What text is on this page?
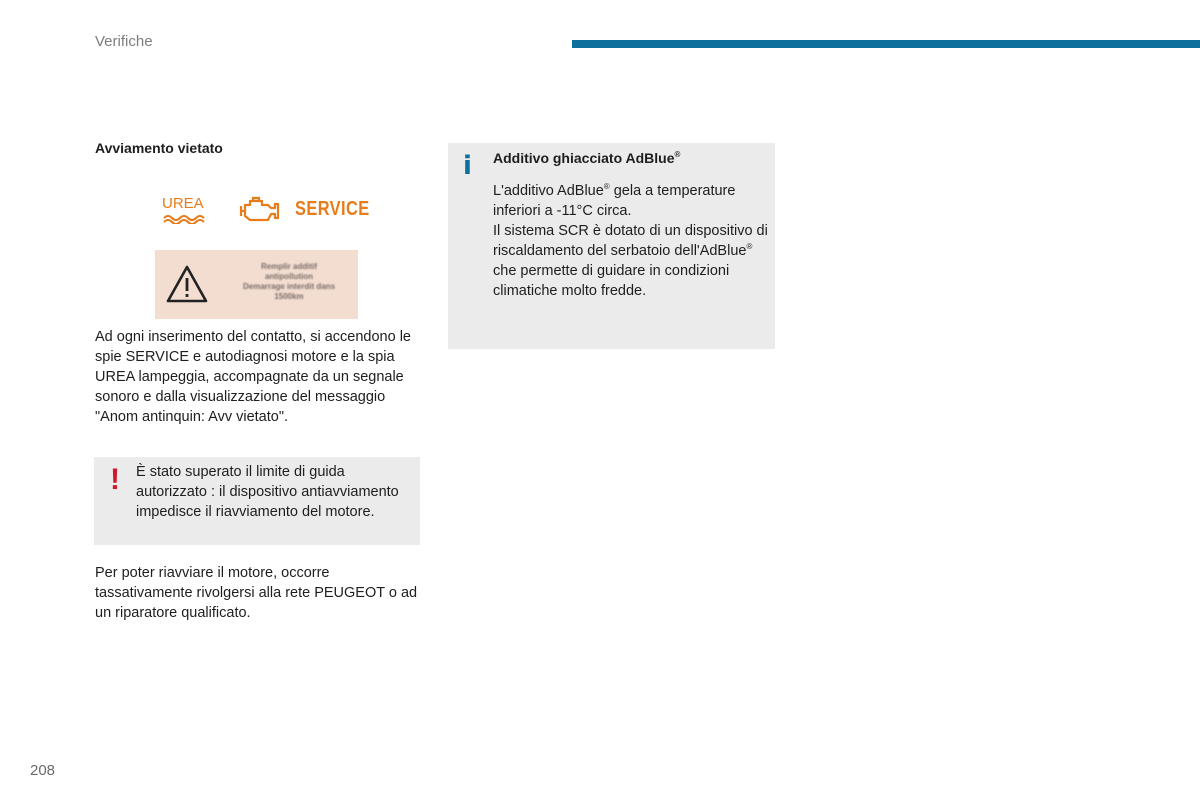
Verifiche
Avviamento vietato
UREA	SERVICE
Remplir additif
antipollution
Demarrage interdit dans
1500km
Ad ogni inserimento del contatto, si accendono le spie SERVICE e autodiagnosi motore e la spia UREA lampeggia, accompagnate da un segnale sonoro e dalla visualizzazione del messaggio "Anom antinquin: Avv vietato".
! È stato superato il limite di guida autorizzato : il dispositivo antiavviamento impedisce il riavviamento del motore.
Per poter riavviare il motore, occorre tassativamente rivolgersi alla rete PEUGEOT o ad un riparatore qualificato.
i Additivo ghiacciato AdBlue®
L'additivo AdBlue® gela a temperature inferiori a -11°C circa.
Il sistema SCR è dotato di un dispositivo di riscaldamento del serbatoio dell'AdBlue® che permette di guidare in condizioni climatiche molto fredde.
208
